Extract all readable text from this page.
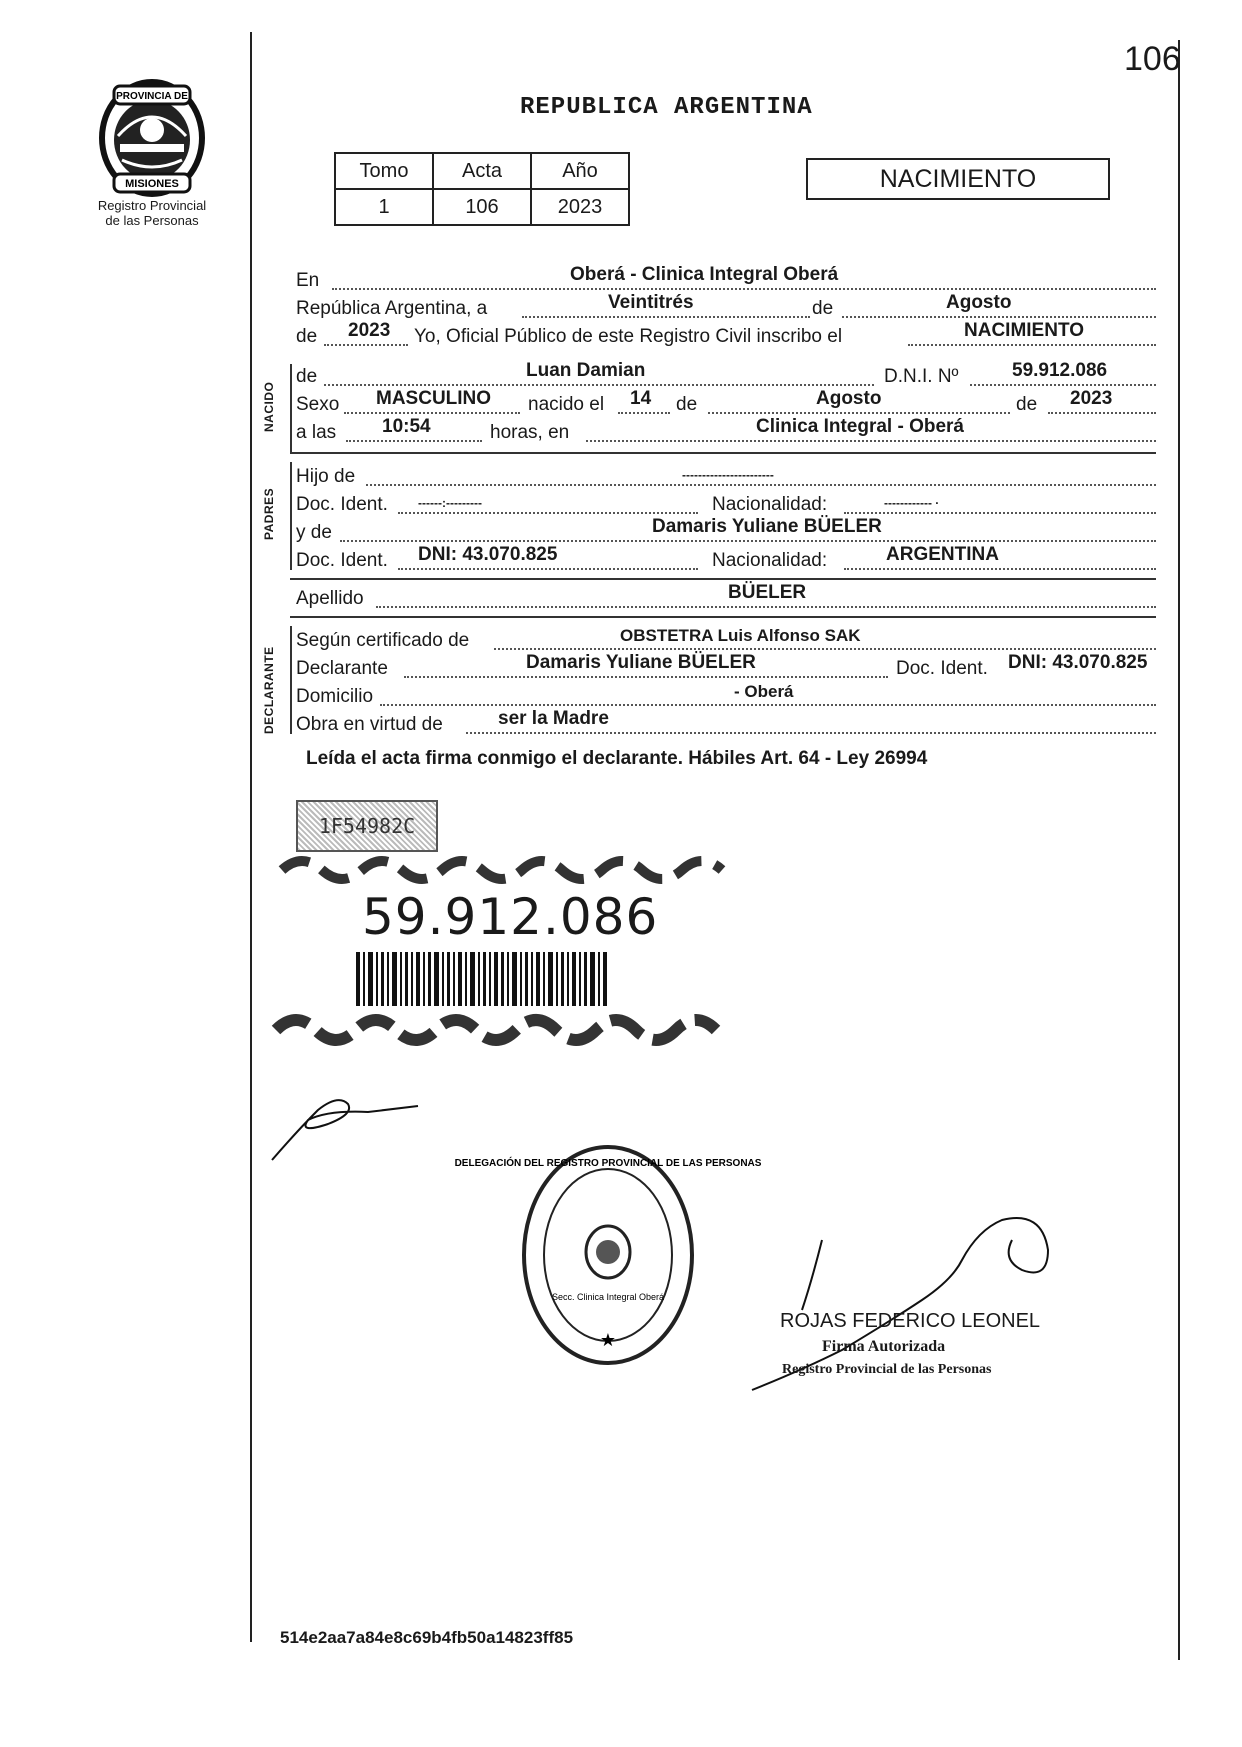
106
PROVINCIA DE
MISIONES
Registro Provincial
de las Personas
REPUBLICA ARGENTINA
Tomo	Acta	Año
1	106	2023
NACIMIENTO
En	Oberá - Clinica Integral Oberá
República Argentina, a	Veintitrés	de	Agosto
de 2023 Yo, Oficial Público de este Registro Civil inscribo el	NACIMIENTO
NACIDO
de	Luan Damian	D.N.I. Nº	59.912.086
Sexo MASCULINO nacido el 14 de	Agosto	de 2023
a las 10:54	horas, en	Clinica Integral - Oberá
PADRES
Hijo de	-----------------------
Doc. Ident.	------:---------	Nacionalidad:	------------ ·
y de	Damaris Yuliane BÜELER
Doc. Ident. DNI: 43.070.825	Nacionalidad:	ARGENTINA
Apellido	BÜELER
DECLARANTE
Según certificado de	OBSTETRA Luis Alfonso SAK
Declarante	Damaris Yuliane BÜELER	Doc. Ident. DNI: 43.070.825
Domicilio	- Oberá
Obra en virtud de	ser la Madre
Leída el acta firma conmigo el declarante. Hábiles Art. 64 - Ley 26994
1F54982C
59.912.086
DELEGACIÓN DEL REGISTRO PROVINCIAL DE LAS PERSONAS
Secc. Clinica Integral Oberá
★
ROJAS FEDERICO LEONEL
Firma Autorizada
Registro Provincial de las Personas
514e2aa7a84e8c69b4fb50a14823ff85
